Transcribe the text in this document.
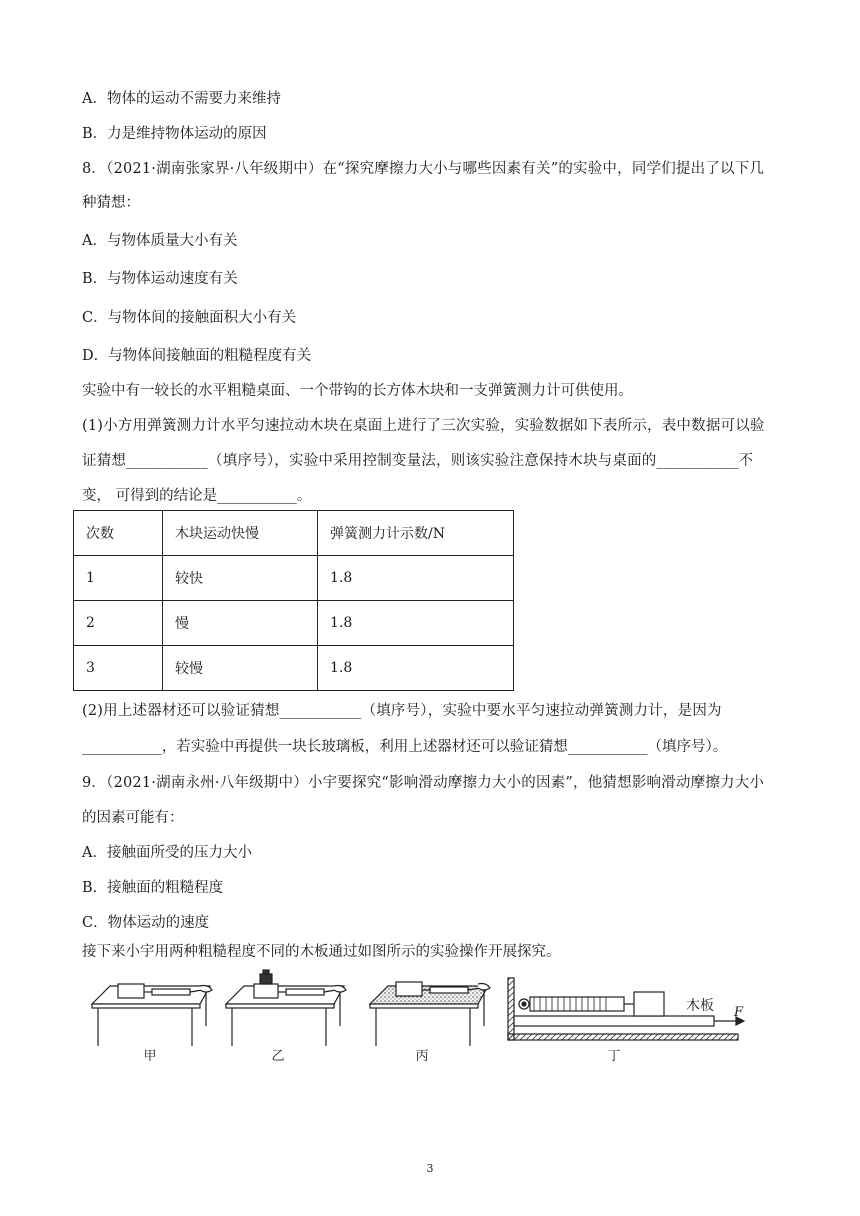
A．物体的运动不需要力来维持
B．力是维持物体运动的原因
8．（2021·湖南张家界·八年级期中）在“探究摩擦力大小与哪些因素有关”的实验中，同学们提出了以下几
种猜想：
A．与物体质量大小有关
B．与物体运动速度有关
C．与物体间的接触面积大小有关
D．与物体间接触面的粗糙程度有关
实验中有一较长的水平粗糙桌面、一个带钩的长方体木块和一支弹簧测力计可供使用。
(1)小方用弹簧测力计水平匀速拉动木块在桌面上进行了三次实验，实验数据如下表所示，表中数据可以验
证猜想___________（填序号），实验中采用控制变量法，则该实验注意保持木块与桌面的___________不
变， 可得到的结论是___________。
次数	木块运动快慢	弹簧测力计示数/N
1	较快	1.8
2	慢	1.8
3	较慢	1.8
(2)用上述器材还可以验证猜想___________（填序号），实验中要水平匀速拉动弹簧测力计，是因为
___________，若实验中再提供一块长玻璃板，利用上述器材还可以验证猜想___________（填序号）。
9．（2021·湖南永州·八年级期中）小宇要探究“影响滑动摩擦力大小的因素”，他猜想影响滑动摩擦力大小
的因素可能有：
A．接触面所受的压力大小
B．接触面的粗糙程度
C．物体运动的速度
接下来小宇用两种粗糙程度不同的木板通过如图所示的实验操作开展探究。
甲	乙	丙
木板 F
丁
3
